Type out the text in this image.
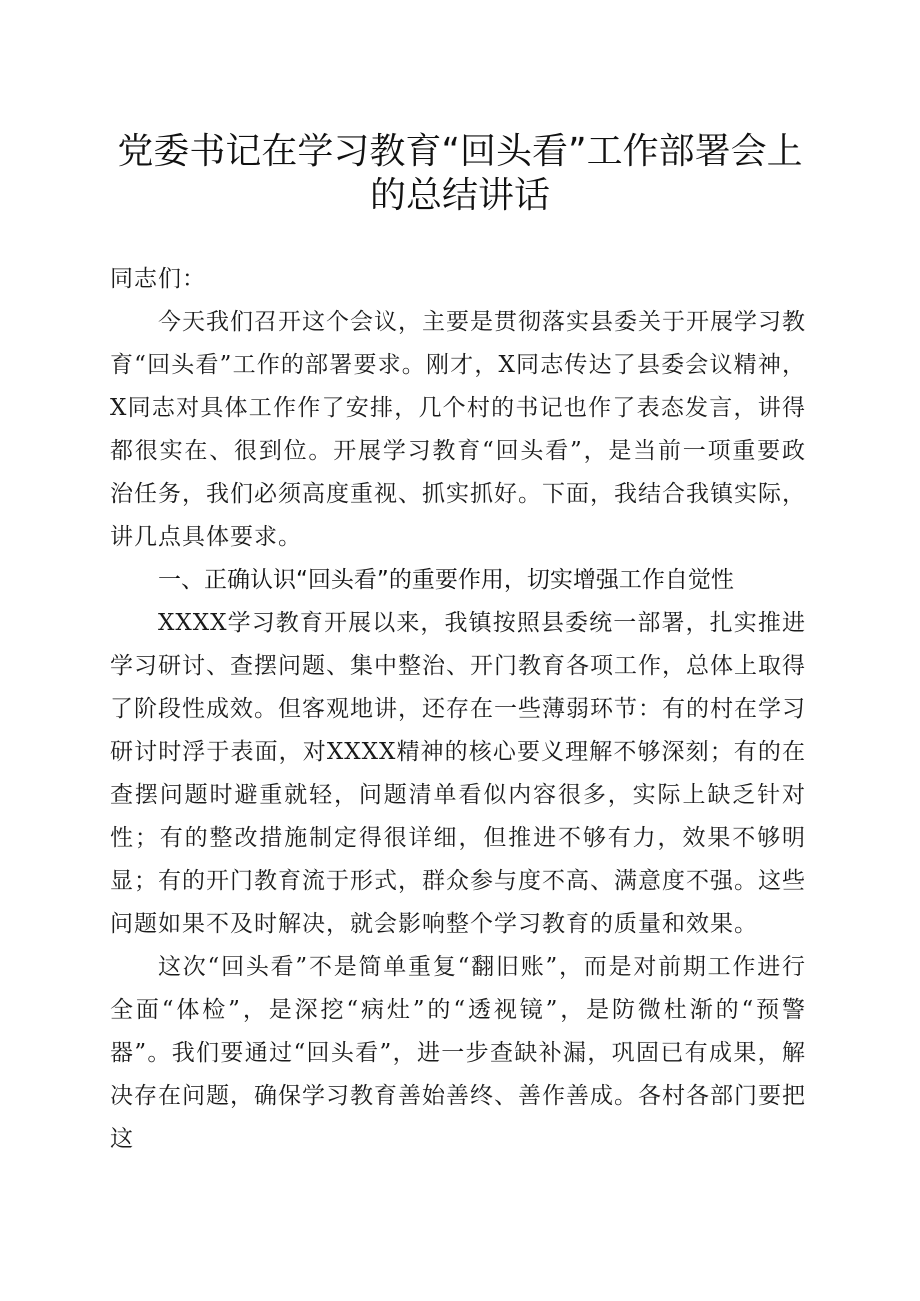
党委书记在学习教育“回头看”工作部署会上的总结讲话

同志们：

今天我们召开这个会议，主要是贯彻落实县委关于开展学习教育“回头看”工作的部署要求。刚才，X同志传达了县委会议精神，X同志对具体工作作了安排，几个村的书记也作了表态发言，讲得都很实在、很到位。开展学习教育“回头看”，是当前一项重要政治任务，我们必须高度重视、抓实抓好。下面，我结合我镇实际，讲几点具体要求。

一、正确认识“回头看”的重要作用，切实增强工作自觉性

XXXX学习教育开展以来，我镇按照县委统一部署，扎实推进学习研讨、查摆问题、集中整治、开门教育各项工作，总体上取得了阶段性成效。但客观地讲，还存在一些薄弱环节：有的村在学习研讨时浮于表面，对XXXX精神的核心要义理解不够深刻；有的在查摆问题时避重就轻，问题清单看似内容很多，实际上缺乏针对性；有的整改措施制定得很详细，但推进不够有力，效果不够明显；有的开门教育流于形式，群众参与度不高、满意度不强。这些问题如果不及时解决，就会影响整个学习教育的质量和效果。

这次“回头看”不是简单重复“翻旧账”，而是对前期工作进行全面“体检”，是深挖“病灶”的“透视镜”，是防微杜渐的“预警器”。我们要通过“回头看”，进一步查缺补漏，巩固已有成果，解决存在问题，确保学习教育善始善终、善作善成。各村各部门要把这
